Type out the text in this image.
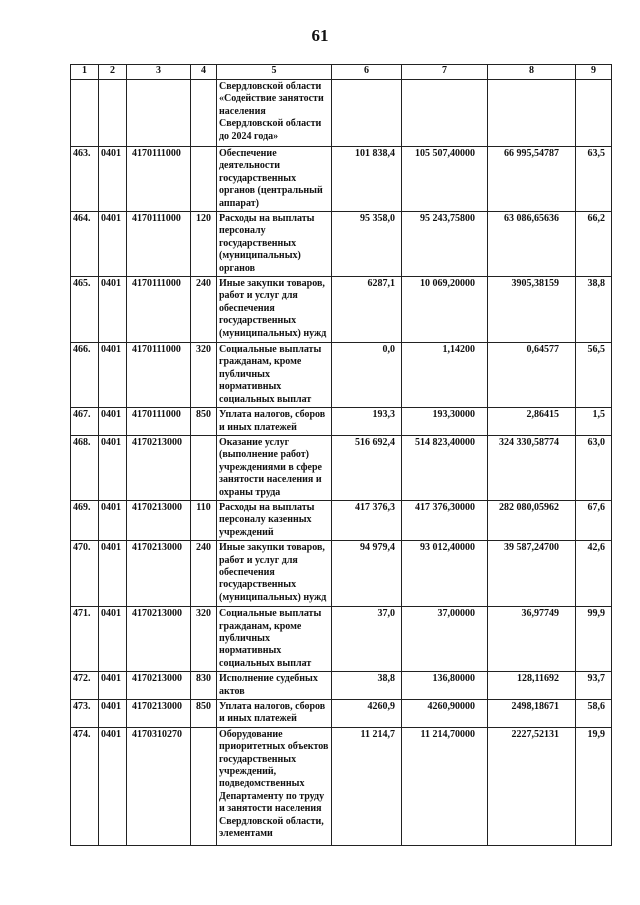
61
1	2	3	4	5	6	7	8	9
				Свердловской области «Содействие занятости населения Свердловской области до 2024 года»				
463.	0401	4170111000		Обеспечение деятельности государственных органов (центральный аппарат)	101 838,4	105 507,40000	66 995,54787	63,5
464.	0401	4170111000	120	Расходы на выплаты персоналу государственных (муниципальных) органов	95 358,0	95 243,75800	63 086,65636	66,2
465.	0401	4170111000	240	Иные закупки товаров, работ и услуг для обеспечения государственных (муниципальных) нужд	6287,1	10 069,20000	3905,38159	38,8
466.	0401	4170111000	320	Социальные выплаты гражданам, кроме публичных нормативных социальных выплат	0,0	1,14200	0,64577	56,5
467.	0401	4170111000	850	Уплата налогов, сборов и иных платежей	193,3	193,30000	2,86415	1,5
468.	0401	4170213000		Оказание услуг (выполнение работ) учреждениями в сфере занятости населения и охраны труда	516 692,4	514 823,40000	324 330,58774	63,0
469.	0401	4170213000	110	Расходы на выплаты персоналу казенных учреждений	417 376,3	417 376,30000	282 080,05962	67,6
470.	0401	4170213000	240	Иные закупки товаров, работ и услуг для обеспечения государственных (муниципальных) нужд	94 979,4	93 012,40000	39 587,24700	42,6
471.	0401	4170213000	320	Социальные выплаты гражданам, кроме публичных нормативных социальных выплат	37,0	37,00000	36,97749	99,9
472.	0401	4170213000	830	Исполнение судебных актов	38,8	136,80000	128,11692	93,7
473.	0401	4170213000	850	Уплата налогов, сборов и иных платежей	4260,9	4260,90000	2498,18671	58,6
474.	0401	4170310270		Оборудование приоритетных объектов государственных учреждений, подведомственных Департаменту по труду и занятости населения Свердловской области, элементами	11 214,7	11 214,70000	2227,52131	19,9
